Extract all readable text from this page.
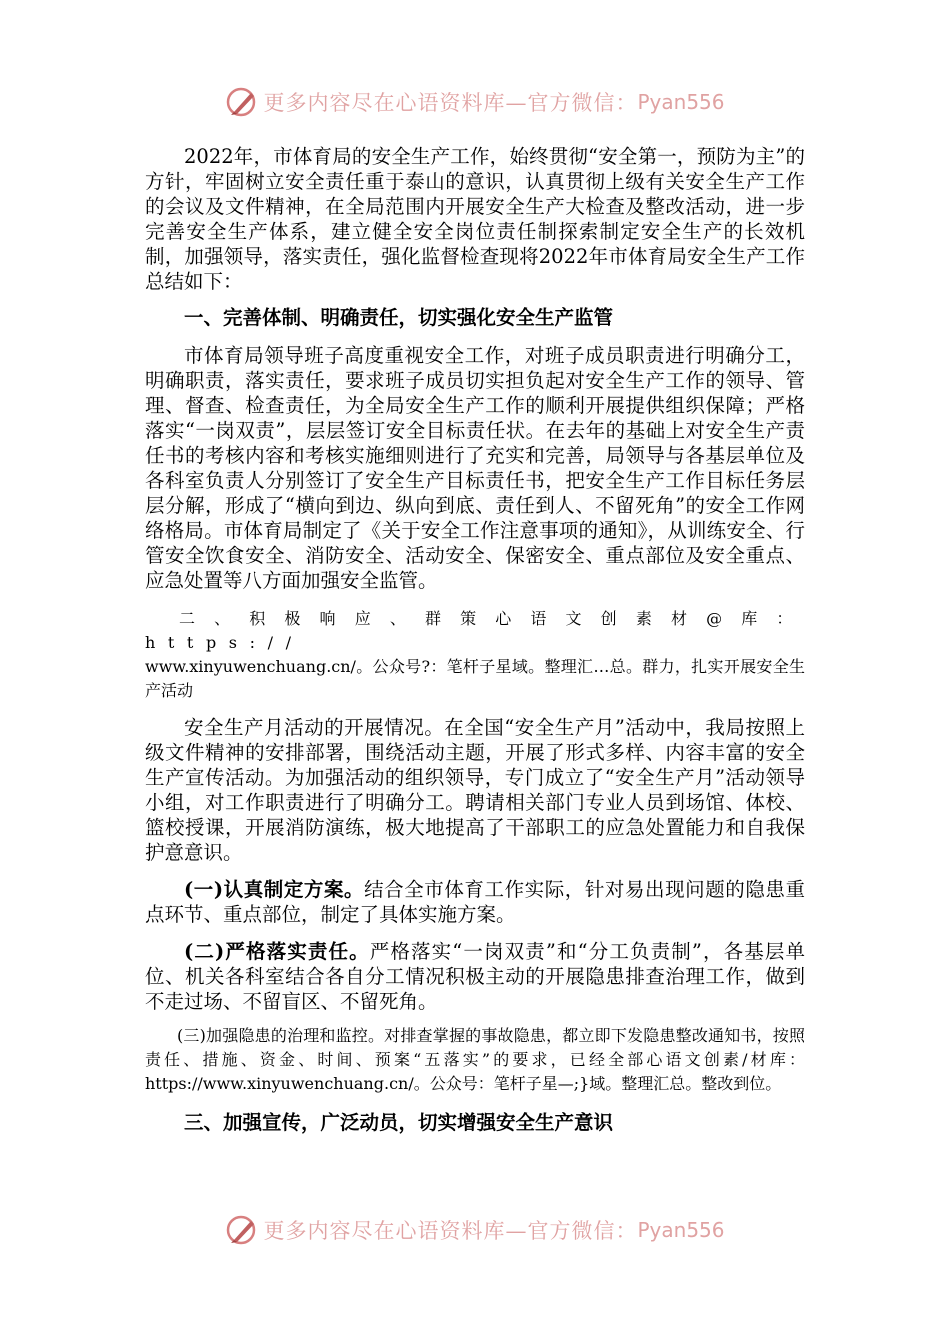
更多内容尽在心语资料库—官方微信： Pyan556

2022年，市体育局的安全生产工作，始终贯彻“安全第一，预防为主”的方针，牢固树立安全责任重于泰山的意识，认真贯彻上级有关安全生产工作的会议及文件精神，在全局范围内开展安全生产大检查及整改活动，进一步完善安全生产体系，建立健全安全岗位责任制探索制定安全生产的长效机制，加强领导，落实责任，强化监督检查现将2022年市体育局安全生产工作总结如下：

一、完善体制、明确责任，切实强化安全生产监管

市体育局领导班子高度重视安全工作，对班子成员职责进行明确分工，明确职责，落实责任，要求班子成员切实担负起对安全生产工作的领导、管理、督查、检查责任，为全局安全生产工作的顺利开展提供组织保障；严格落实“一岗双责”，层层签订安全目标责任状。在去年的基础上对安全生产责任书的考核内容和考核实施细则进行了充实和完善，局领导与各基层单位及各科室负责人分别签订了安全生产目标责任书，把安全生产工作目标任务层层分解，形成了“横向到边、纵向到底、责任到人、不留死角”的安全工作网络格局。市体育局制定了《关于安全工作注意事项的通知》，从训练安全、行管安全饮食安全、消防安全、活动安全、保密安全、重点部位及安全重点、应急处置等八方面加强安全监管。

二、积极响应、群策心语文创素材@库：https://

www.xinyuwenchuang.cn/。公众号?：笔杆子星域。整理汇…总。群力，扎实开展安全生产活动

安全生产月活动的开展情况。在全国“安全生产月”活动中，我局按照上级文件精神的安排部署，围绕活动主题，开展了形式多样、内容丰富的安全生产宣传活动。为加强活动的组织领导，专门成立了“安全生产月”活动领导小组，对工作职责进行了明确分工。聘请相关部门专业人员到场馆、体校、篮校授课，开展消防演练，极大地提高了干部职工的应急处置能力和自我保护意意识。

(一)认真制定方案。结合全市体育工作实际，针对易出现问题的隐患重点环节、重点部位，制定了具体实施方案。

(二)严格落实责任。严格落实“一岗双责”和“分工负责制”，各基层单位、机关各科室结合各自分工情况积极主动的开展隐患排查治理工作，做到不走过场、不留盲区、不留死角。

(三)加强隐患的治理和监控。对排查掌握的事故隐患，都立即下发隐患整改通知书，按照责任、措施、资金、时间、预案“五落实”的要求，已经全部心语文创素/材库：https://www.xinyuwenchuang.cn/。公众号：笔杆子星—;}域。整理汇总。整改到位。

三、加强宣传，广泛动员，切实增强安全生产意识

更多内容尽在心语资料库—官方微信： Pyan556
